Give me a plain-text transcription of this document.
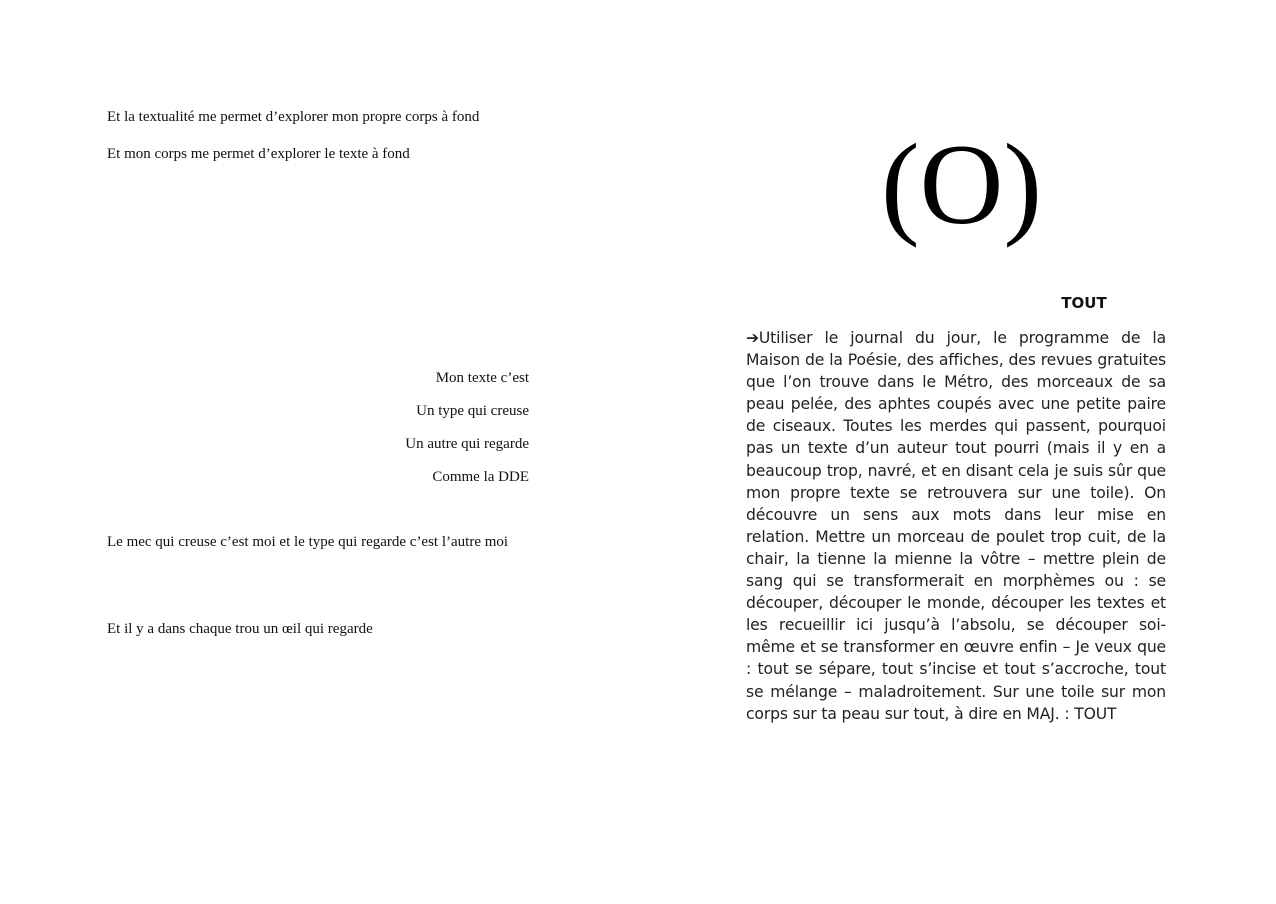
Et la textualité me permet d’explorer mon propre corps à fond

Et mon corps me permet d’explorer le texte à fond

Mon texte c’est

Un type qui creuse

Un autre qui regarde

Comme la DDE

Le mec qui creuse c’est moi et le type qui regarde c’est l’autre moi

Et il y a dans chaque trou un œil qui regarde

(O)

TOUT

➔Utiliser le journal du jour, le programme de la Maison de la Poésie, des affiches, des revues gratuites que l’on trouve dans le Métro, des morceaux de sa peau pelée, des aphtes coupés avec une petite paire de ciseaux. Toutes les merdes qui passent, pourquoi pas un texte d’un auteur tout pourri (mais il y en a beaucoup trop, navré, et en disant cela je suis sûr que mon propre texte se retrouvera sur une toile). On découvre un sens aux mots dans leur mise en relation. Mettre un morceau de poulet trop cuit, de la chair, la tienne la mienne la vôtre – mettre plein de sang qui se transformerait en morphèmes ou : se découper, découper le monde, découper les textes et les recueillir ici jusqu’à l’absolu, se découper soi-même et se transformer en œuvre enfin – Je veux que : tout se sépare, tout s’incise et tout s’accroche, tout se mélange – maladroitement. Sur une toile sur mon corps sur ta peau sur tout, à dire en MAJ. : TOUT
